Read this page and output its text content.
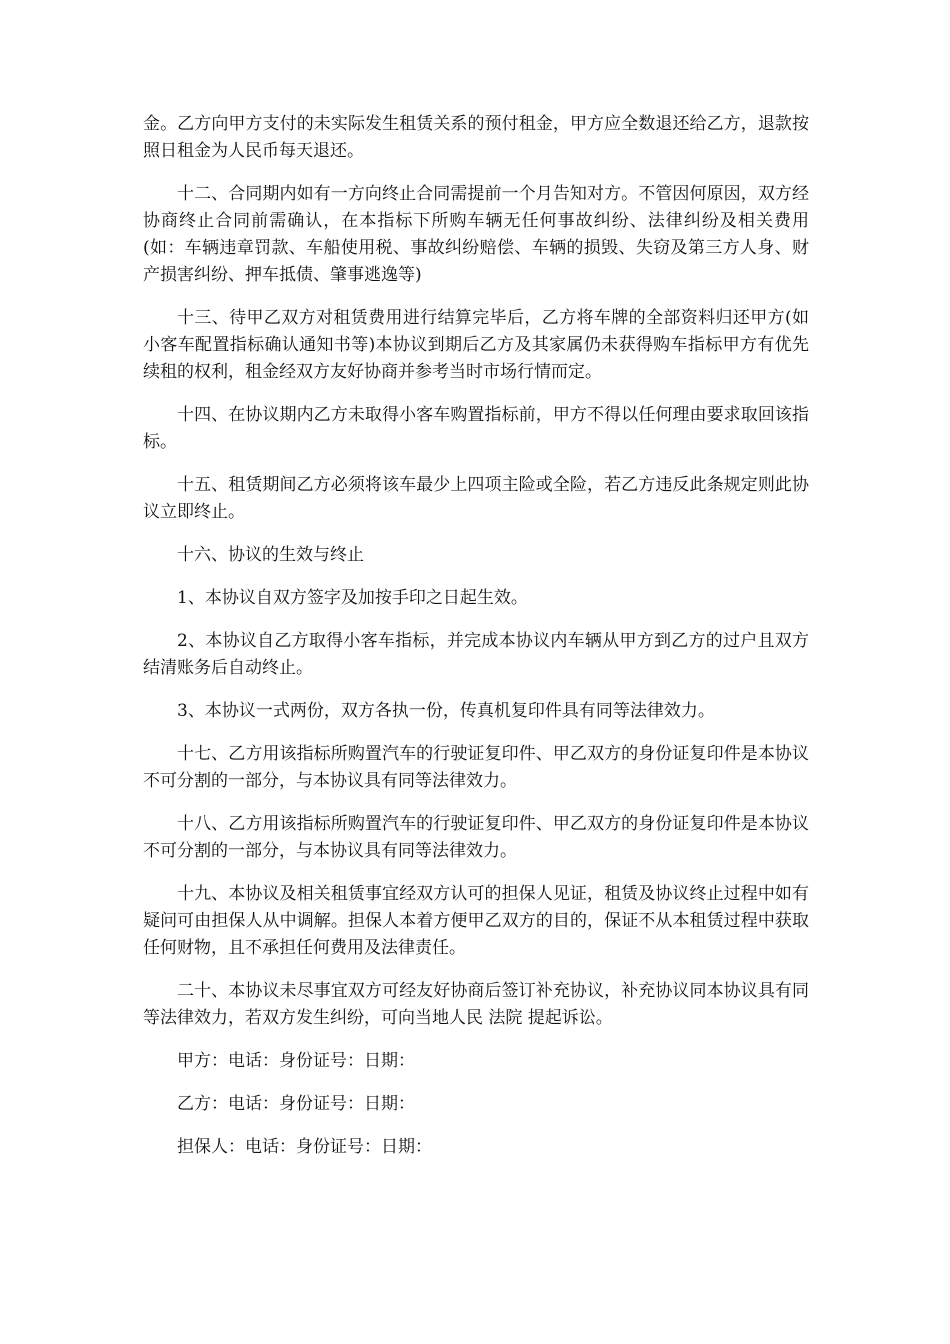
金。乙方向甲方支付的未实际发生租赁关系的预付租金，甲方应全数退还给乙方，退款按照日租金为人民币每天退还。

十二、合同期内如有一方向终止合同需提前一个月告知对方。不管因何原因，双方经协商终止合同前需确认，在本指标下所购车辆无任何事故纠纷、法律纠纷及相关费用(如：车辆违章罚款、车船使用税、事故纠纷赔偿、车辆的损毁、失窃及第三方人身、财产损害纠纷、押车抵债、肇事逃逸等)

十三、待甲乙双方对租赁费用进行结算完毕后，乙方将车牌的全部资料归还甲方(如小客车配置指标确认通知书等)本协议到期后乙方及其家属仍未获得购车指标甲方有优先续租的权利，租金经双方友好协商并参考当时市场行情而定。

十四、在协议期内乙方未取得小客车购置指标前，甲方不得以任何理由要求取回该指标。

十五、租赁期间乙方必须将该车最少上四项主险或全险，若乙方违反此条规定则此协议立即终止。

十六、协议的生效与终止

1、本协议自双方签字及加按手印之日起生效。

2、本协议自乙方取得小客车指标，并完成本协议内车辆从甲方到乙方的过户且双方结清账务后自动终止。

3、本协议一式两份，双方各执一份，传真机复印件具有同等法律效力。

十七、乙方用该指标所购置汽车的行驶证复印件、甲乙双方的身份证复印件是本协议不可分割的一部分，与本协议具有同等法律效力。

十八、乙方用该指标所购置汽车的行驶证复印件、甲乙双方的身份证复印件是本协议不可分割的一部分，与本协议具有同等法律效力。

十九、本协议及相关租赁事宜经双方认可的担保人见证，租赁及协议终止过程中如有疑问可由担保人从中调解。担保人本着方便甲乙双方的目的，保证不从本租赁过程中获取任何财物，且不承担任何费用及法律责任。

二十、本协议未尽事宜双方可经友好协商后签订补充协议，补充协议同本协议具有同等法律效力，若双方发生纠纷，可向当地人民 法院 提起诉讼。

甲方：电话：身份证号：日期：

乙方：电话：身份证号：日期：

担保人：电话：身份证号：日期：
